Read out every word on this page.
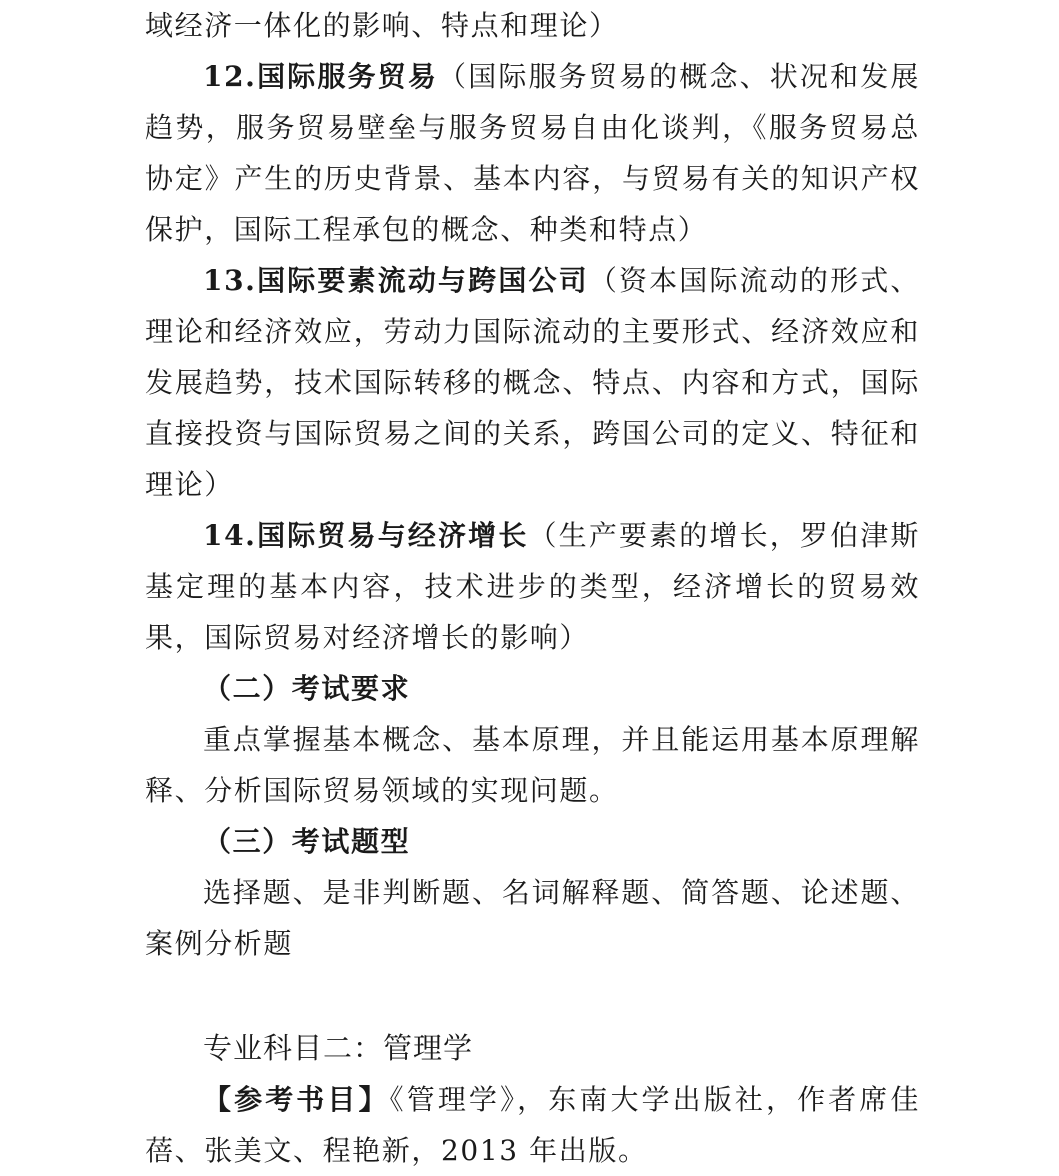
域经济一体化的影响、特点和理论）

12.国际服务贸易（国际服务贸易的概念、状况和发展趋势，服务贸易壁垒与服务贸易自由化谈判，《服务贸易总协定》产生的历史背景、基本内容，与贸易有关的知识产权保护，国际工程承包的概念、种类和特点）

13.国际要素流动与跨国公司（资本国际流动的形式、理论和经济效应，劳动力国际流动的主要形式、经济效应和发展趋势，技术国际转移的概念、特点、内容和方式，国际直接投资与国际贸易之间的关系，跨国公司的定义、特征和理论）

14.国际贸易与经济增长（生产要素的增长，罗伯津斯基定理的基本内容，技术进步的类型，经济增长的贸易效果，国际贸易对经济增长的影响）

（二）考试要求

重点掌握基本概念、基本原理，并且能运用基本原理解释、分析国际贸易领域的实现问题。

（三）考试题型

选择题、是非判断题、名词解释题、简答题、论述题、案例分析题

专业科目二：管理学

【参考书目】《管理学》，东南大学出版社，作者席佳蓓、张美文、程艳新，2013 年出版。
